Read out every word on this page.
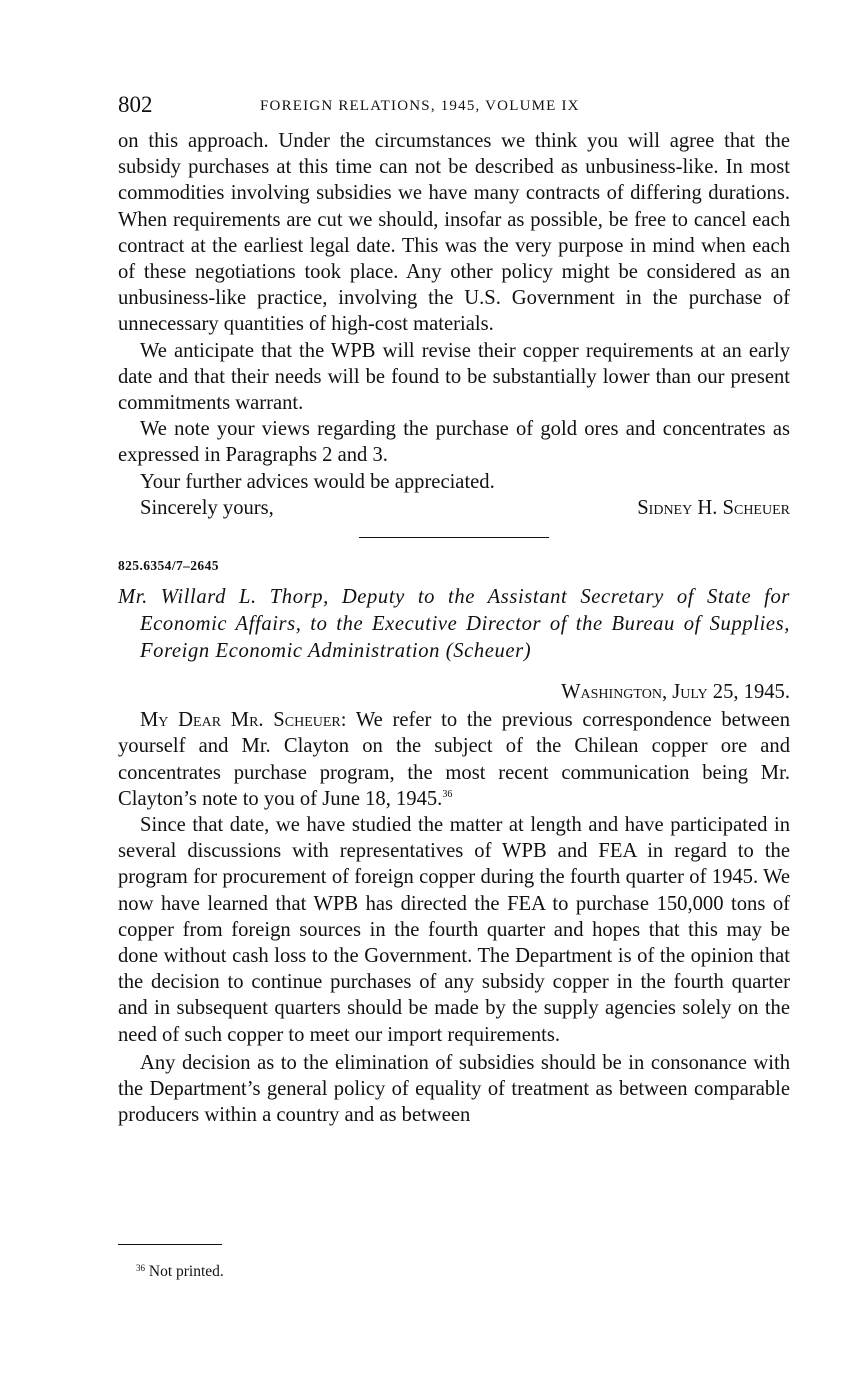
802	FOREIGN RELATIONS, 1945, VOLUME IX

on this approach. Under the circumstances we think you will agree that the subsidy purchases at this time can not be described as unbusiness-like. In most commodities involving subsidies we have many contracts of differing durations. When requirements are cut we should, insofar as possible, be free to cancel each contract at the earliest legal date. This was the very purpose in mind when each of these negotiations took place. Any other policy might be considered as an unbusiness-like practice, involving the U.S. Government in the purchase of unnecessary quantities of high-cost materials.

We anticipate that the WPB will revise their copper requirements at an early date and that their needs will be found to be substantially lower than our present commitments warrant.

We note your views regarding the purchase of gold ores and concentrates as expressed in Paragraphs 2 and 3.

Your further advices would be appreciated.
Sincerely yours,	Sidney H. Scheuer
825.6354/7–2645
Mr. Willard L. Thorp, Deputy to the Assistant Secretary of State for Economic Affairs, to the Executive Director of the Bureau of Supplies, Foreign Economic Administration (Scheuer)
Washington, July 25, 1945.

My Dear Mr. Scheuer: We refer to the previous correspondence between yourself and Mr. Clayton on the subject of the Chilean copper ore and concentrates purchase program, the most recent communication being Mr. Clayton’s note to you of June 18, 1945.36

Since that date, we have studied the matter at length and have participated in several discussions with representatives of WPB and FEA in regard to the program for procurement of foreign copper during the fourth quarter of 1945. We now have learned that WPB has directed the FEA to purchase 150,000 tons of copper from foreign sources in the fourth quarter and hopes that this may be done without cash loss to the Government. The Department is of the opinion that the decision to continue purchases of any subsidy copper in the fourth quarter and in subsequent quarters should be made by the supply agencies solely on the need of such copper to meet our import requirements.

Any decision as to the elimination of subsidies should be in consonance with the Department’s general policy of equality of treatment as between comparable producers within a country and as between

$^{36}$ Not printed.
